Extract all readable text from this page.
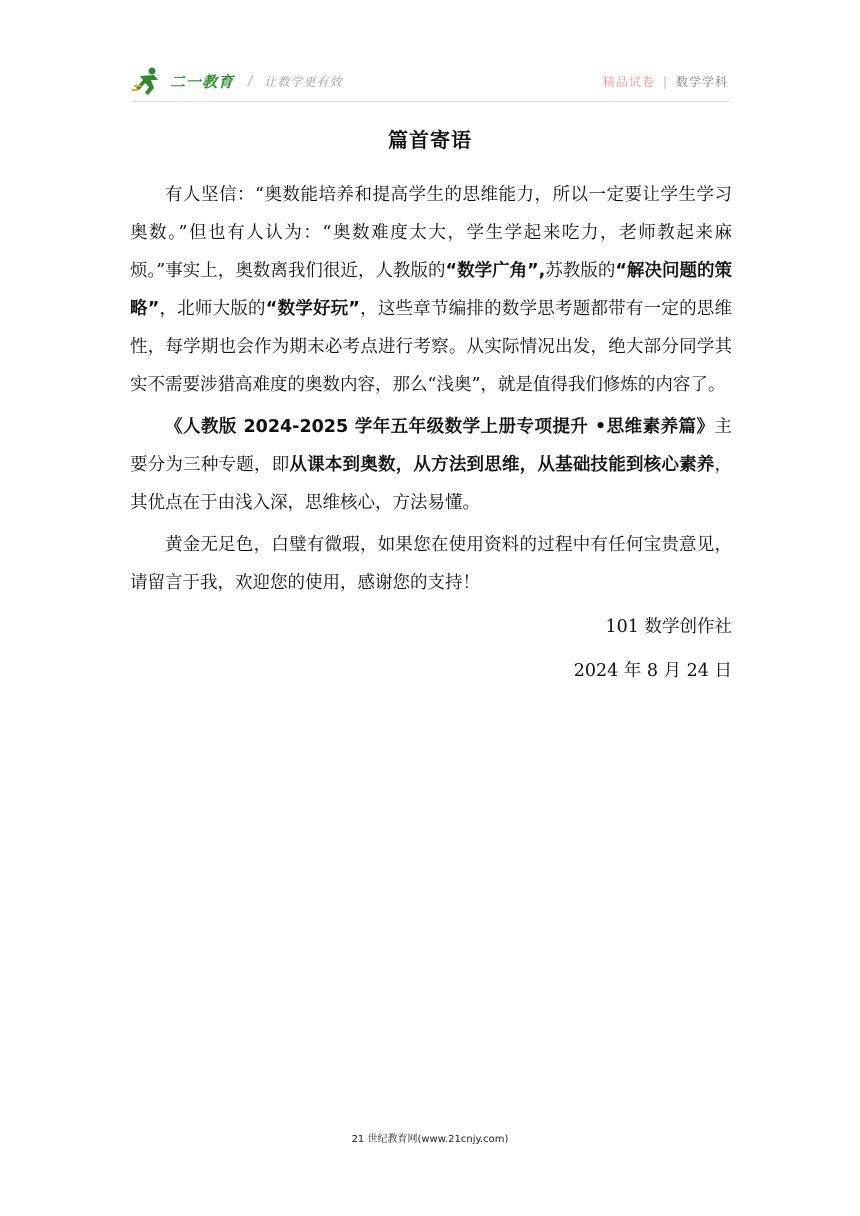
二一教育 / 让教学更有效	精品试卷 | 数学学科
篇首寄语

有人坚信：“奥数能培养和提高学生的思维能力，所以一定要让学生学习奥数。”但也有人认为：“奥数难度太大，学生学起来吃力，老师教起来麻烦。”事实上，奥数离我们很近，人教版的“数学广角”,苏教版的“解决问题的策略”，北师大版的“数学好玩”，这些章节编排的数学思考题都带有一定的思维性，每学期也会作为期末必考点进行考察。从实际情况出发，绝大部分同学其实不需要涉猎高难度的奥数内容，那么“浅奥”，就是值得我们修炼的内容了。

《人教版 2024-2025 学年五年级数学上册专项提升 •思维素养篇》主要分为三种专题，即从课本到奥数，从方法到思维，从基础技能到核心素养，其优点在于由浅入深，思维核心，方法易懂。

黄金无足色，白璧有微瑕，如果您在使用资料的过程中有任何宝贵意见，请留言于我，欢迎您的使用，感谢您的支持！

101 数学创作社

2024 年 8 月 24 日

21 世纪教育网(www.21cnjy.com)
